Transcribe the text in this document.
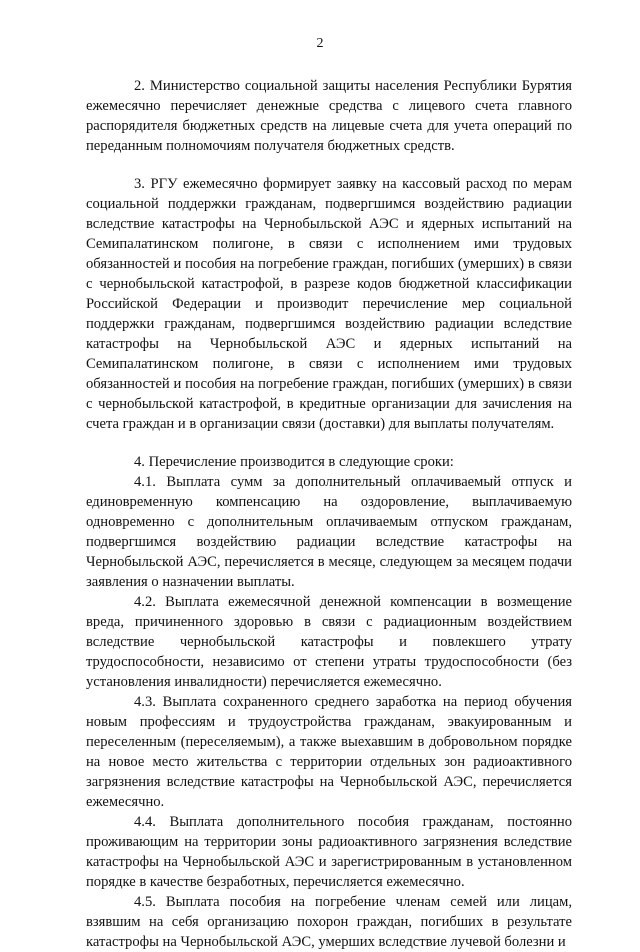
2

2. Министерство социальной защиты населения Республики Бурятия ежемесячно перечисляет денежные средства с лицевого счета главного распорядителя бюджетных средств на лицевые счета для учета операций по переданным полномочиям получателя бюджетных средств.

3. РГУ ежемесячно формирует заявку на кассовый расход по мерам социальной поддержки гражданам, подвергшимся воздействию радиации вследствие катастрофы на Чернобыльской АЭС и ядерных испытаний на Семипалатинском полигоне, в связи с исполнением ими трудовых обязанностей и пособия на погребение граждан, погибших (умерших) в связи с чернобыльской катастрофой, в разрезе кодов бюджетной классификации Российской Федерации и производит перечисление мер социальной поддержки гражданам, подвергшимся воздействию радиации вследствие катастрофы на Чернобыльской АЭС и ядерных испытаний на Семипалатинском полигоне, в связи с исполнением ими трудовых обязанностей и пособия на погребение граждан, погибших (умерших) в связи с чернобыльской катастрофой, в кредитные организации для зачисления на счета граждан и в организации связи (доставки) для выплаты получателям.

4. Перечисление производится в следующие сроки:

4.1. Выплата сумм за дополнительный оплачиваемый отпуск и единовременную компенсацию на оздоровление, выплачиваемую одновременно с дополнительным оплачиваемым отпуском гражданам, подвергшимся воздействию радиации вследствие катастрофы на Чернобыльской АЭС, перечисляется в месяце, следующем за месяцем подачи заявления о назначении выплаты.

4.2. Выплата ежемесячной денежной компенсации в возмещение вреда, причиненного здоровью в связи с радиационным воздействием вследствие чернобыльской катастрофы и повлекшего утрату трудоспособности, независимо от степени утраты трудоспособности (без установления инвалидности) перечисляется ежемесячно.

4.3. Выплата сохраненного среднего заработка на период обучения новым профессиям и трудоустройства гражданам, эвакуированным и переселенным (переселяемым), а также выехавшим в добровольном порядке на новое место жительства с территории отдельных зон радиоактивного загрязнения вследствие катастрофы на Чернобыльской АЭС, перечисляется ежемесячно.

4.4. Выплата дополнительного пособия гражданам, постоянно проживающим на территории зоны радиоактивного загрязнения вследствие катастрофы на Чернобыльской АЭС и зарегистрированным в установленном порядке в качестве безработных, перечисляется ежемесячно.

4.5. Выплата пособия на погребение членам семей или лицам, взявшим на себя организацию похорон граждан, погибших в результате катастрофы на Чернобыльской АЭС, умерших вследствие лучевой болезни и
